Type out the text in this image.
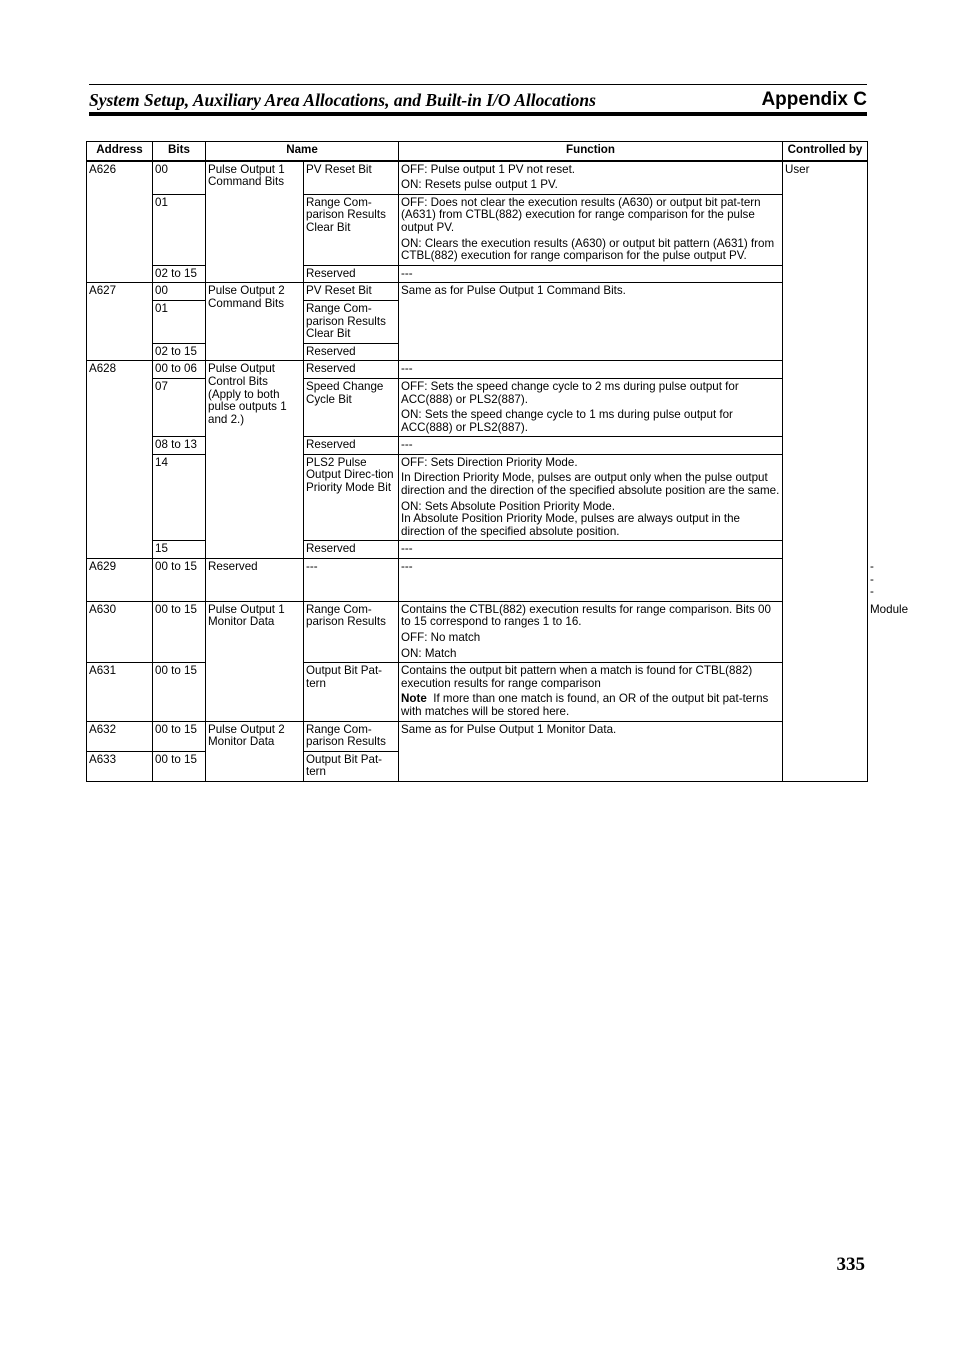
System Setup, Auxiliary Area Allocations, and Built-in I/O Allocations	Appendix C
Address	Bits	Name		Function	Controlled by	
A626	00	Pulse Output 1 Command Bits	PV Reset Bit	OFF: Pulse output 1 PV not reset.
ON: Resets pulse output 1 PV.	User	
	01		Range Com-parison Results Clear Bit	OFF: Does not clear the execution results (A630) or output bit pat-tern (A631) from CTBL(882) execution for range comparison for the pulse output PV.
ON: Clears the execution results (A630) or output bit pattern (A631) from CTBL(882) execution for range comparison for the pulse output PV.		

	02 to 15		Reserved	---		
A627	00	Pulse Output 2 Command Bits	PV Reset Bit	Same as for Pulse Output 1 Command Bits.		
	01		Range Com-parison Results Clear Bit			
	02 to 15		Reserved			
A628	00 to 06	Pulse Output Control Bits (Apply to both pulse outputs 1 and 2.)	Reserved	---		
	07		Speed Change Cycle Bit	OFF: Sets the speed change cycle to 2 ms during pulse output for ACC(888) or PLS2(887).
ON: Sets the speed change cycle to 1 ms during pulse output for ACC(888) or PLS2(887).		

	08 to 13		Reserved	---		
	14		PLS2 Pulse Output Direc-tion Priority Mode Bit	OFF: Sets Direction Priority Mode.
In Direction Priority Mode, pulses are output only when the pulse output direction and the direction of the specified absolute position are the same.
ON: Sets Absolute Position Priority Mode.
In Absolute Position Priority Mode, pulses are always output in the direction of the specified absolute position.		

	15		Reserved	---		
A629	00 to 15	Reserved	---	---		---
A630	00 to 15	Pulse Output 1 Monitor Data	Range Com-parison Results	Contains the CTBL(882) execution results for range comparison. Bits 00 to 15 correspond to ranges 1 to 16.
OFF: No match
ON: Match		Module
A631	00 to 15		Output Bit Pat-tern	Contains the output bit pattern when a match is found for CTBL(882) execution results for range comparison
Note If more than one match is found, an OR of the output bit pat-terns with matches will be stored here.		

A632	00 to 15	Pulse Output 2 Monitor Data	Range Com-parison Results	Same as for Pulse Output 1 Monitor Data.		
A633	00 to 15		Output Bit Pat-tern			
335
